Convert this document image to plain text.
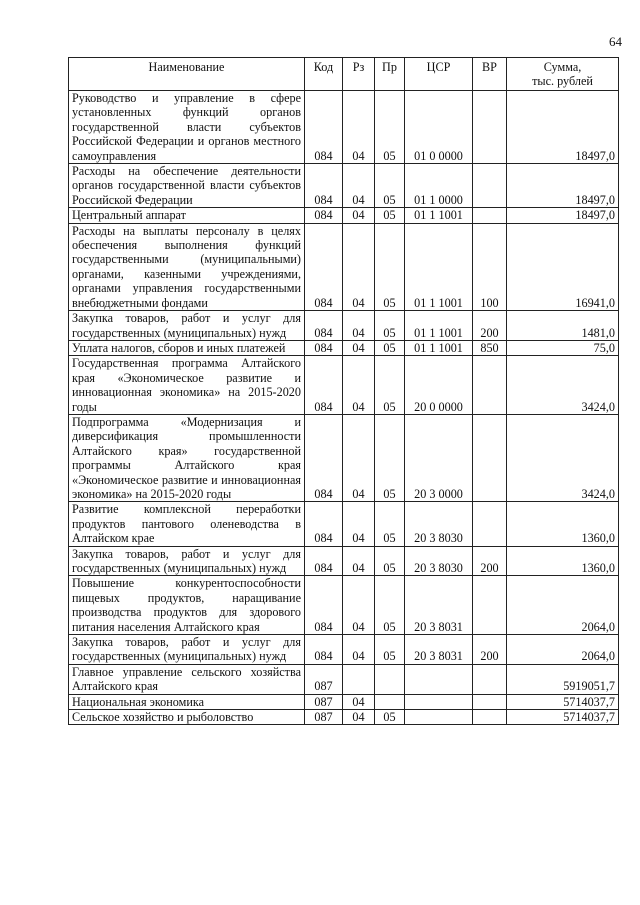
64
Наименование	Код	Рз	Пр	ЦСР	ВР	Сумма,
тыс. рублей

Руководство и управление в сфере установленных функций органов государственной власти субъектов Российской Федерации и органов местного самоуправления	084	04	05	01 0 0000		18497,0
Расходы на обеспечение деятельности органов государственной власти субъектов Российской Федерации	084	04	05	01 1 0000		18497,0
Центральный аппарат	084	04	05	01 1 1001		18497,0
Расходы на выплаты персоналу в целях обеспечения выполнения функций государственными (муниципальными) органами, казенными учреждениями, органами управления государственными внебюджетными фондами	084	04	05	01 1 1001	100	16941,0
Закупка товаров, работ и услуг для государственных (муниципальных) нужд	084	04	05	01 1 1001	200	1481,0
Уплата налогов, сборов и иных платежей	084	04	05	01 1 1001	850	75,0
Государственная программа Алтайского края «Экономическое развитие и инновационная экономика» на 2015-2020 годы	084	04	05	20 0 0000		3424,0
Подпрограмма «Модернизация и диверсификация промышленности Алтайского края» государственной программы Алтайского края «Экономическое развитие и инновационная экономика» на 2015-2020 годы	084	04	05	20 3 0000		3424,0
Развитие комплексной переработки продуктов пантового оленеводства в Алтайском крае	084	04	05	20 3 8030		1360,0
Закупка товаров, работ и услуг для государственных (муниципальных) нужд	084	04	05	20 3 8030	200	1360,0
Повышение конкурентоспособности пищевых продуктов, наращивание производства продуктов для здорового питания населения Алтайского края	084	04	05	20 3 8031		2064,0
Закупка товаров, работ и услуг для государственных (муниципальных) нужд	084	04	05	20 3 8031	200	2064,0
Главное управление сельского хозяйства Алтайского края	087					5919051,7
Национальная экономика	087	04				5714037,7
Сельское хозяйство и рыболовство	087	04	05			5714037,7
